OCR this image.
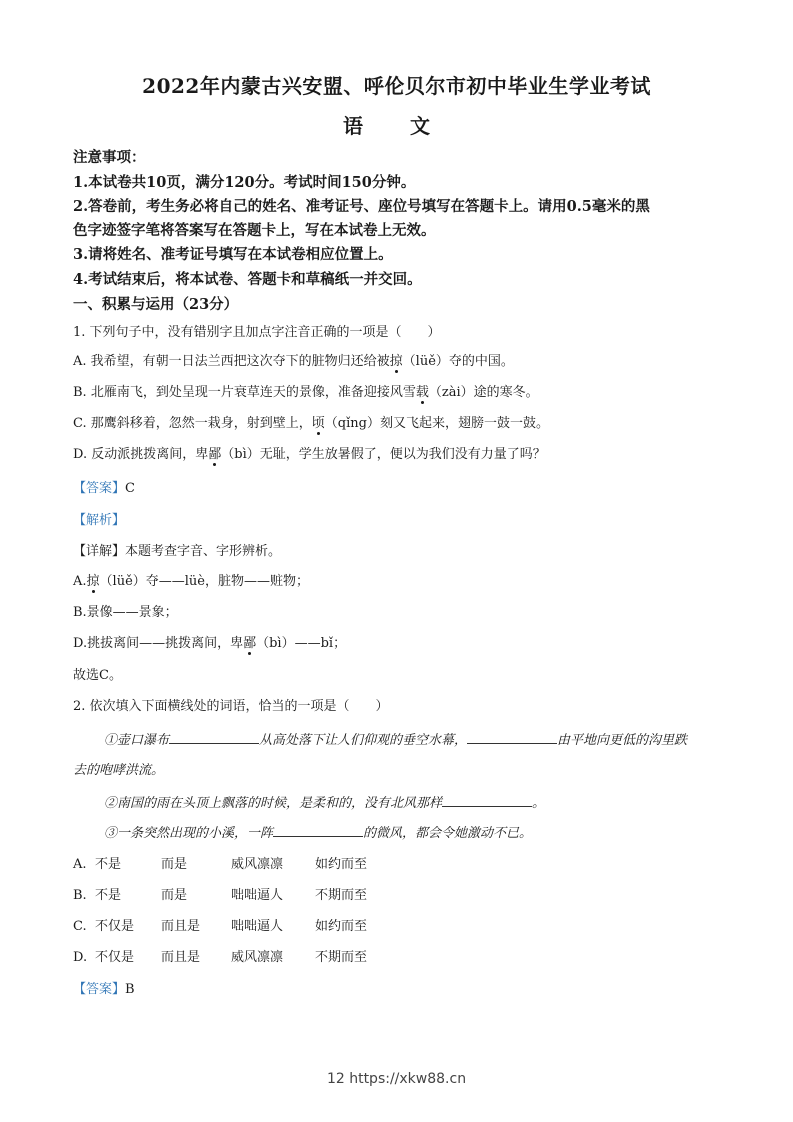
2022年内蒙古兴安盟、呼伦贝尔市初中毕业生学业考试
语 文
注意事项：
1.本试卷共10页，满分120分。考试时间150分钟。
2.答卷前，考生务必将自己的姓名、准考证号、座位号填写在答题卡上。请用0.5毫米的黑
色字迹签字笔将答案写在答题卡上，写在本试卷上无效。
3.请将姓名、准考证号填写在本试卷相应位置上。
4.考试结束后，将本试卷、答题卡和草稿纸一并交回。
一、积累与运用（23分）
1. 下列句子中，没有错别字且加点字注音正确的一项是（　　）
A. 我希望，有朝一日法兰西把这次夺下的脏物归还给被掠（lüě）夺的中国。
B. 北雁南飞，到处呈现一片衰草连天的景像，准备迎接风雪载（zài）途的寒冬。
C. 那鹰斜移着，忽然一栽身，射到壁上，顷（qǐng）刻又飞起来，翅膀一鼓一鼓。
D. 反动派挑拨离间，卑鄙（bì）无耻，学生放暑假了，便以为我们没有力量了吗？
【答案】C
【解析】
【详解】本题考查字音、字形辨析。
A.掠（lüě）夺——lüè，脏物——赃物；
B.景像——景象；
D.挑拔离间——挑拨离间，卑鄙（bì）——bǐ；
故选C。
2. 依次填入下面横线处的词语，恰当的一项是（　　）
①壶口瀑布	从高处落下让人们仰观的垂空水幕，	由平地向更低的沟里跌
去的咆哮洪流。
②南国的雨在头顶上飘落的时候，是柔和的，没有北风那样	。
③一条突然出现的小溪，一阵	的微风，都会令她激动不已。
A. 不是	而是	威风凛凛 如约而至
B. 不是	而是	咄咄逼人 不期而至
C. 不仅是 而且是 咄咄逼人 如约而至
D. 不仅是 而且是 威风凛凛 不期而至
【答案】B
12 https://xkw88.cn
